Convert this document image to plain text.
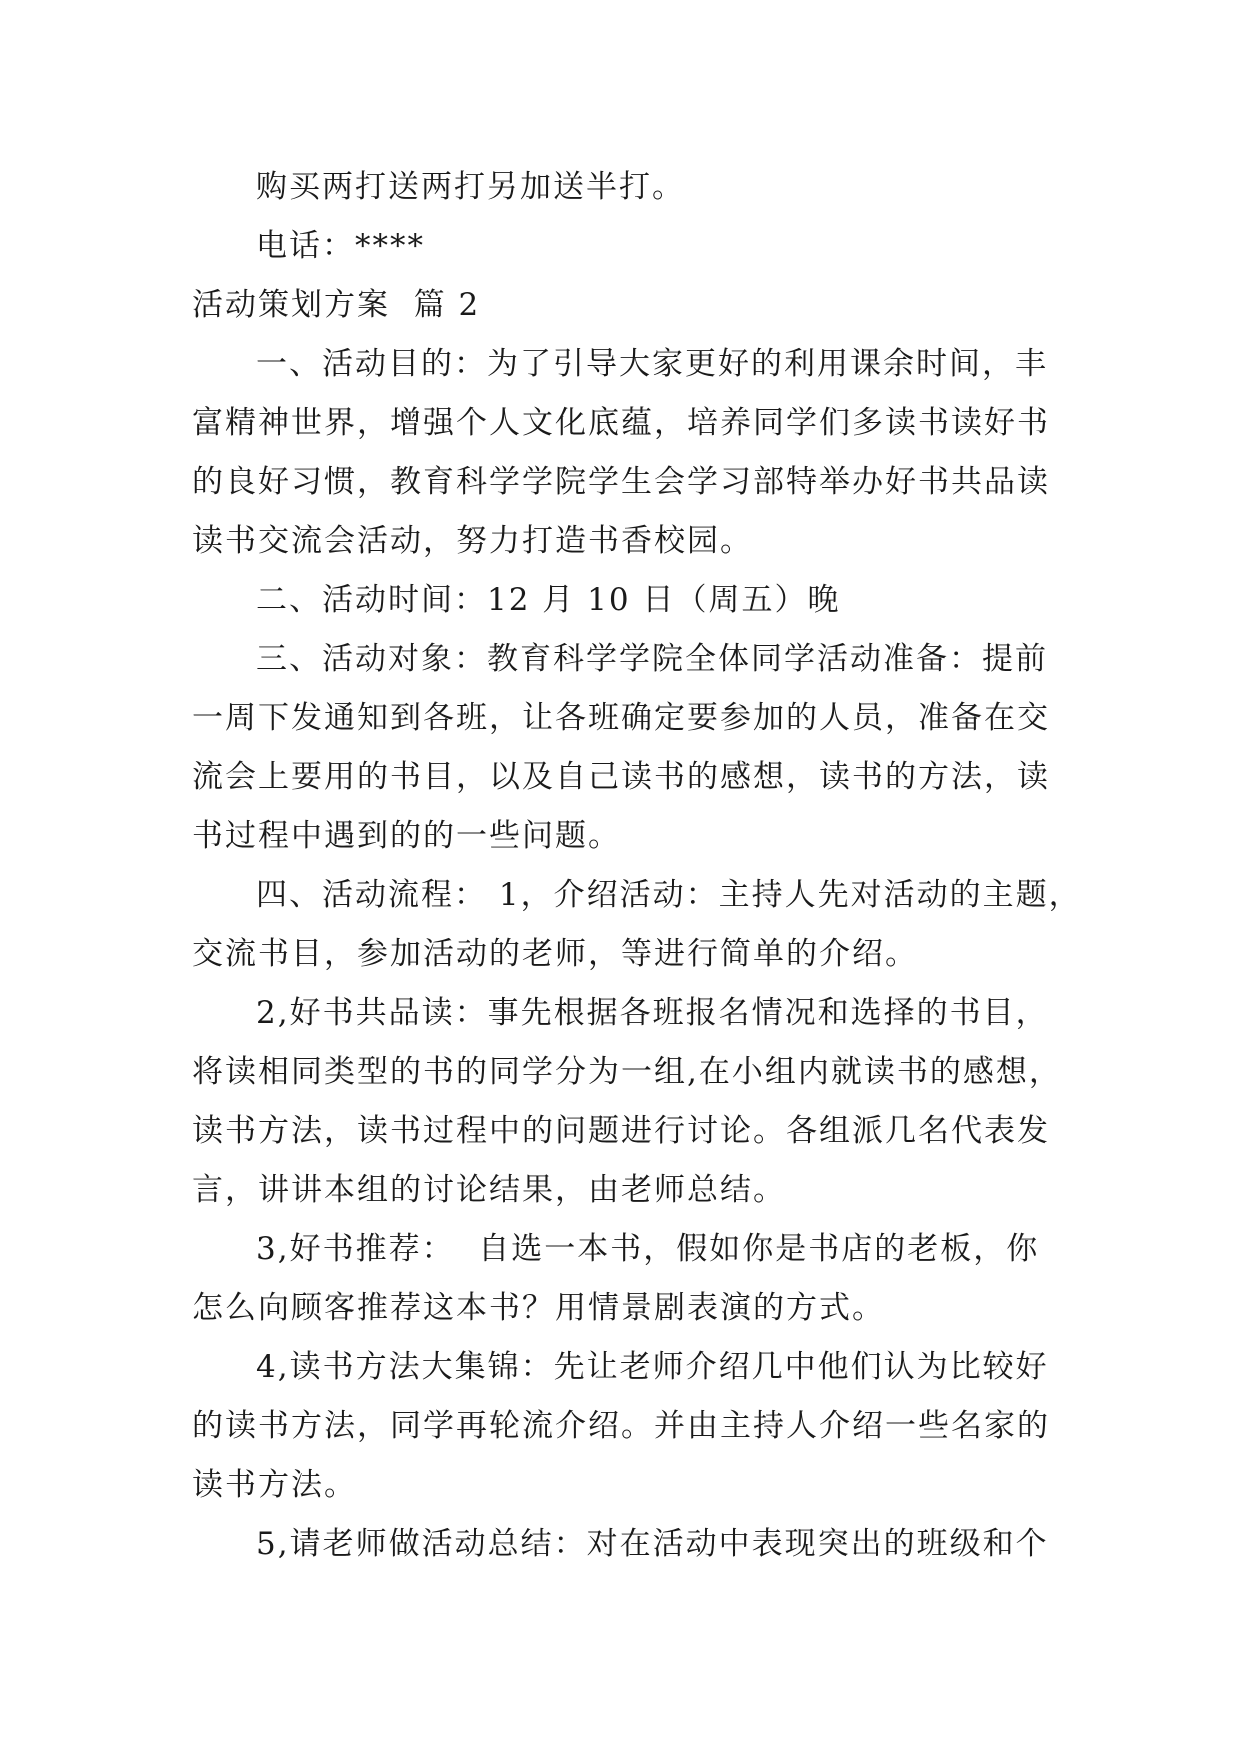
购买两打送两打另加送半打。
电话：****
活动策划方案  篇 2
一、活动目的：为了引导大家更好的利用课余时间，丰
富精神世界，增强个人文化底蕴，培养同学们多读书读好书
的良好习惯，教育科学学院学生会学习部特举办好书共品读
读书交流会活动，努力打造书香校园。
二、活动时间：12 月 10 日（周五）晚
三、活动对象：教育科学学院全体同学活动准备：提前
一周下发通知到各班，让各班确定要参加的人员，准备在交
流会上要用的书目，以及自己读书的感想，读书的方法，读
书过程中遇到的的一些问题。
四、活动流程： 1，介绍活动：主持人先对活动的主题，
交流书目，参加活动的老师，等进行简单的介绍。
2,好书共品读：事先根据各班报名情况和选择的书目，
将读相同类型的书的同学分为一组,在小组内就读书的感想，
读书方法，读书过程中的问题进行讨论。各组派几名代表发
言，讲讲本组的讨论结果，由老师总结。
3,好书推荐：  自选一本书，假如你是书店的老板，你
怎么向顾客推荐这本书？用情景剧表演的方式。
4,读书方法大集锦：先让老师介绍几中他们认为比较好
的读书方法，同学再轮流介绍。并由主持人介绍一些名家的
读书方法。
5,请老师做活动总结：对在活动中表现突出的班级和个
